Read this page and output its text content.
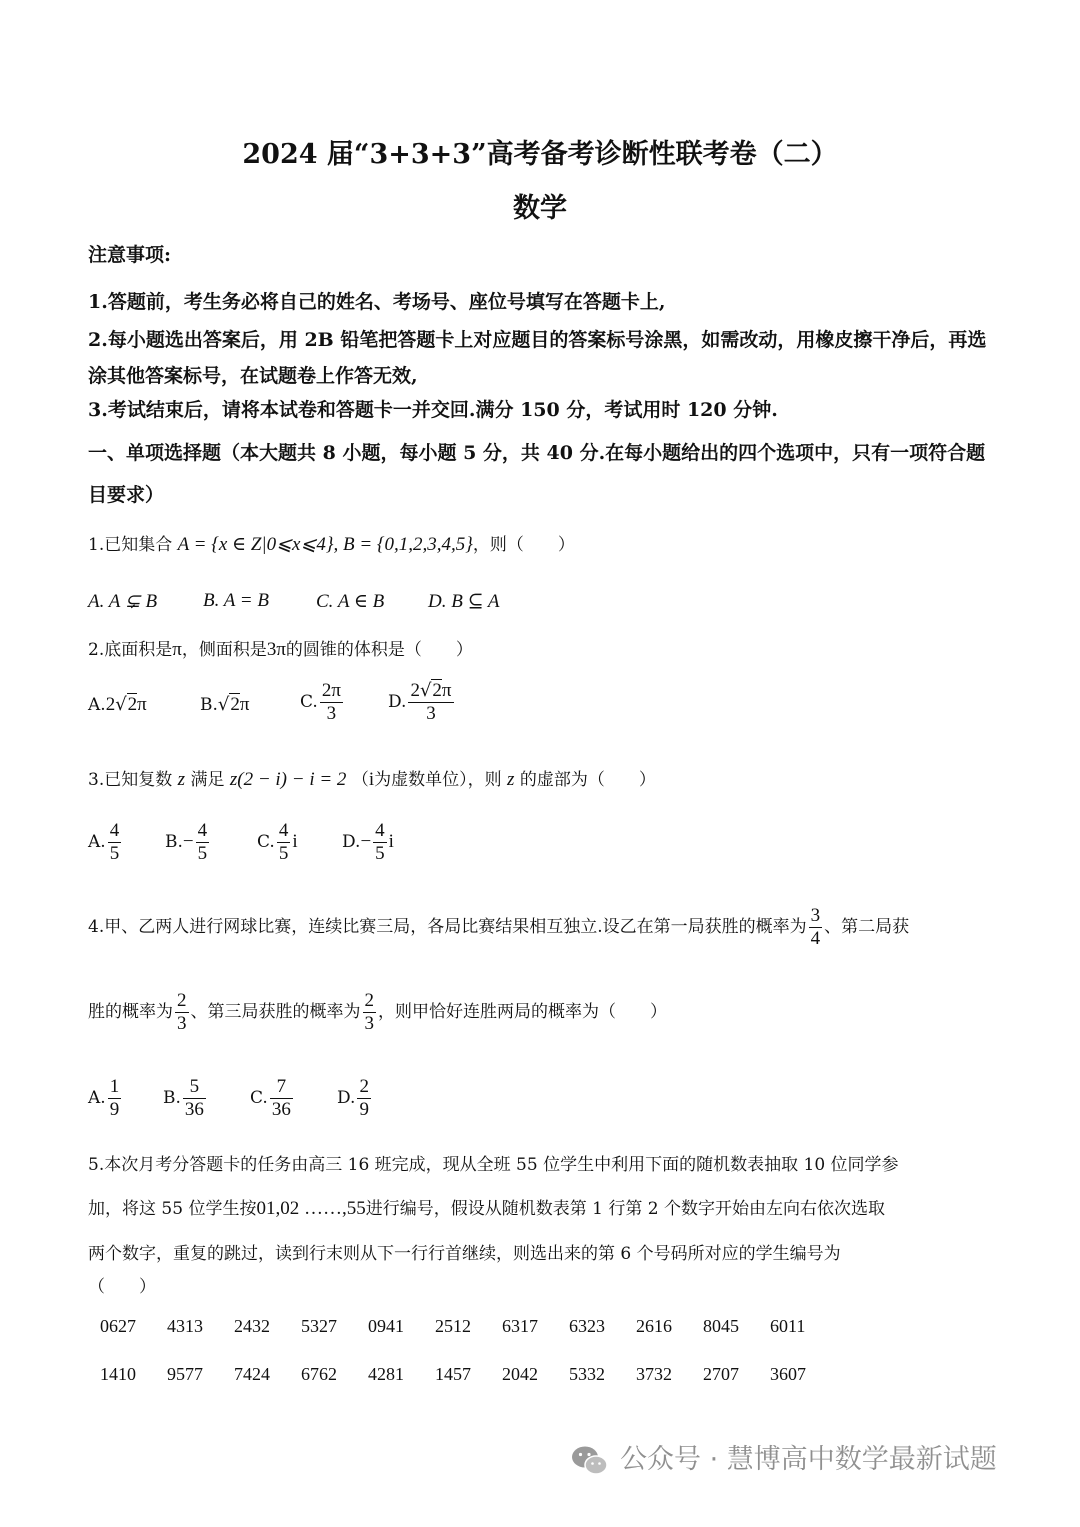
2024 届“3+3+3”高考备考诊断性联考卷（二）
数学
注意事项:
1.答题前，考生务必将自己的姓名、考场号、座位号填写在答题卡上,
2.每小题选出答案后，用 2B 铅笔把答题卡上对应题目的答案标号涂黑，如需改动，用橡皮擦干净后，再选涂其他答案标号，在试题卷上作答无效,
3.考试结束后，请将本试卷和答题卡一并交回.满分 150 分，考试用时 120 分钟.
一、单项选择题（本大题共 8 小题，每小题 5 分，共 40 分.在每小题给出的四个选项中，只有一项符合题目要求）
1.已知集合 A = {x ∈ Z|0⩽x⩽4}, B = {0,1,2,3,4,5}，则（　　）
A. A ⊊ B B. A = B C. A ∈ B D. B ⊆ A
2.底面积是π，侧面积是3π的圆锥的体积是（　　）
A.2√2π	B.√2π	C. $\frac{2\pi}{3}$	D. $\frac{2√2\pi}{3}$
3.已知复数 z 满足 z(2 − i) − i = 2 （i为虚数单位），则 z 的虚部为（　　）
A. $\frac{4}{5}$	$B.- \frac{4}{5}$	C. $\frac{4}{5}$ i	$D.- \frac{4}{5}$ i
4.甲、乙两人进行网球比赛，连续比赛三局，各局比赛结果相互独立.设乙在第一局获胜的概率为 $\frac{3}{4}$ 、第二局获
胜的概率为 $\frac{2}{3}$ 、第三局获胜的概率为 $\frac{2}{3}$ ，则甲恰好连胜两局的概率为（　　）
A. $\frac{1}{9} B$. $\frac{5}{36}$	C. $\frac{7}{36}$	D. $\frac{2}{9}$
5.本次月考分答题卡的任务由高三 16 班完成，现从全班 55 位学生中利用下面的随机数表抽取 10 位同学参
加，将这 55 位学生按01,02 ……,55进行编号，假设从随机数表第 1 行第 2 个数字开始由左向右依次选取
两个数字，重复的跳过，读到行末则从下一行行首继续，则选出来的第 6 个号码所对应的学生编号为
（　　）
0627 4313 2432 5327 0941 2512 6317 6323 2616 8045 6011
1410 9577 7424 6762 4281 1457 2042 5332 3732 2707 3607
公众号 · 慧博高中数学最新试题
